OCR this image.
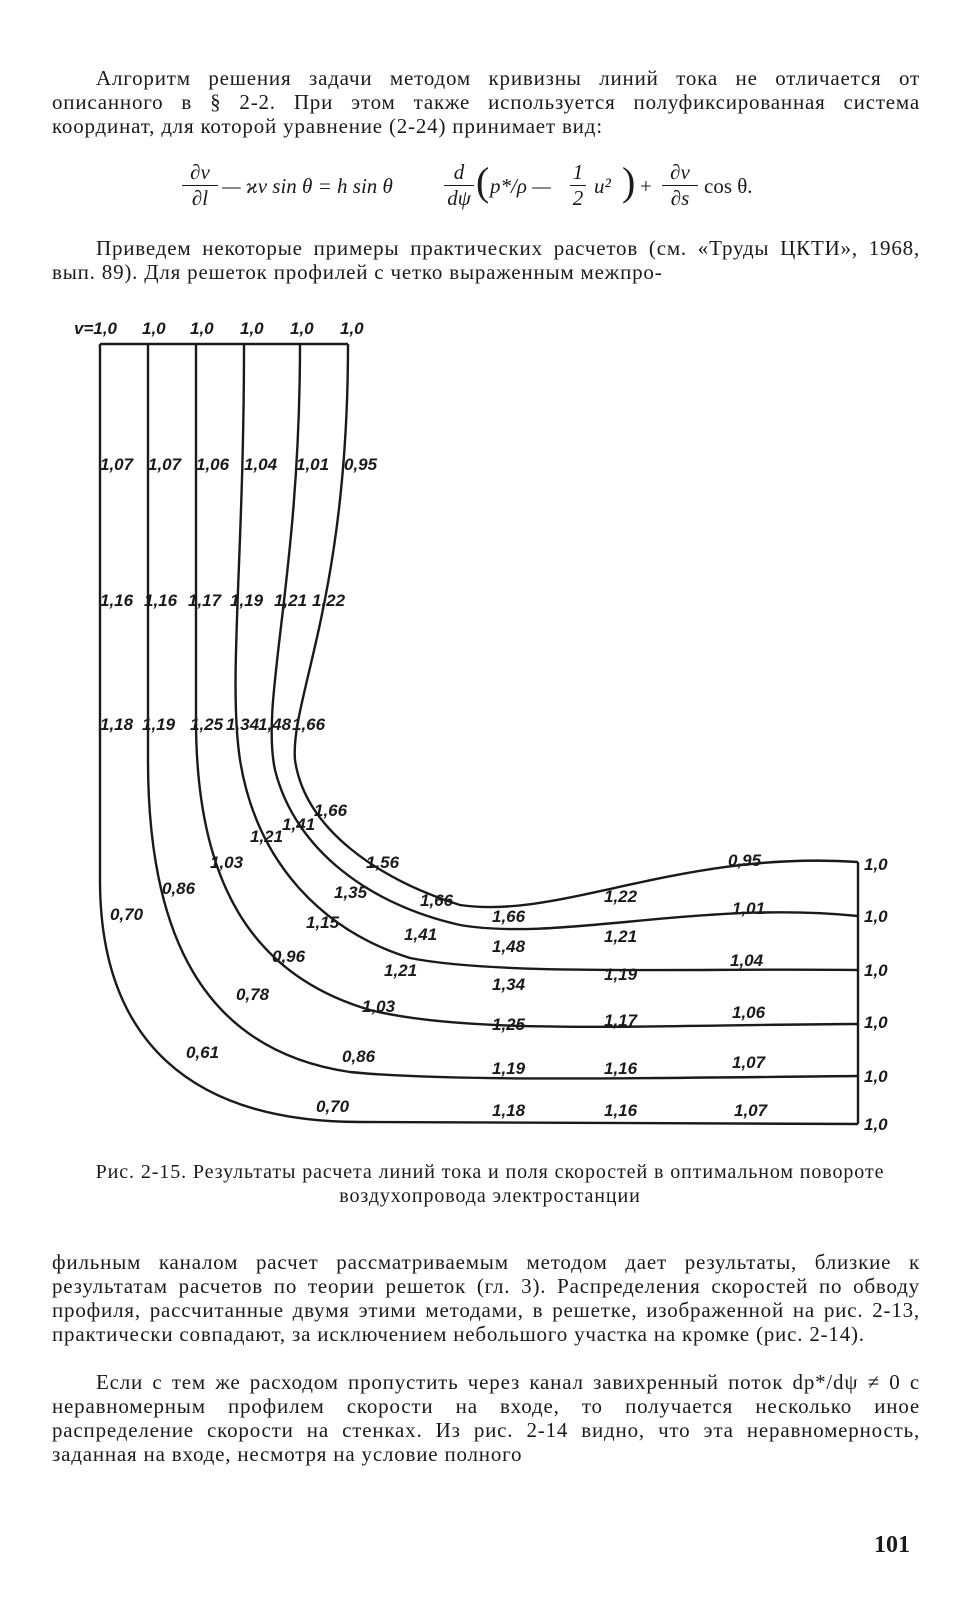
Алгоритм решения задачи методом кривизны линий тока не отличается от описанного в § 2-2. При этом также используется полуфиксированная система координат, для которой уравнение (2-24) принимает вид:

$\frac{\partial v}{\partial l}$ — ϰv sin θ = h sin θ $\frac{d}{d\psi}$ ( p*/ρ — $\frac{1}{2} u^2$ ) + $\frac{\partial v}{\partial s}$ cos θ.

Приведем некоторые примеры практических расчетов (см. «Труды ЦКТИ», 1968, вып. 89). Для решеток профилей с четко выраженным межпро-

v=1,0 1,0 1,0 1,0 1,0 1,0
1,07 1,07 1,06 1,04 1,01 0,95
1,16 1,16 1,17 1,19 1,21 1,22
1,18 1,19 1,25 1,34
1,48 1,66
1,66
1,41
1,21
1,03
0,86
0,70
1,56
1,35
1,15
0,96
0,78
0,61
1,66
1,41
1,21
1,03
0,86
0,70
1,66
1,48
1,34
1,25
1,19
1,18
1,22
1,21
1,19
1,17
1,16
1,16
0,95
1,01
1,04
1,06
1,07
1,07
1,0
1,0
1,0
1,0
1,0
1,0
Рис. 2-15. Результаты расчета линий тока и поля скоростей в оптимальном повороте воздухопровода электростанции

фильным каналом расчет рассматриваемым методом дает результаты, близкие к результатам расчетов по теории решеток (гл. 3). Распределения скоростей по обводу профиля, рассчитанные двумя этими методами, в решетке, изображенной на рис. 2-13, практически совпадают, за исключением небольшого участка на кромке (рис. 2-14).

Если с тем же расходом пропустить через канал завихренный поток dp*/dψ ≠ 0 с неравномерным профилем скорости на входе, то получается несколько иное распределение скорости на стенках. Из рис. 2-14 видно, что эта неравномерность, заданная на входе, несмотря на условие полного

101
